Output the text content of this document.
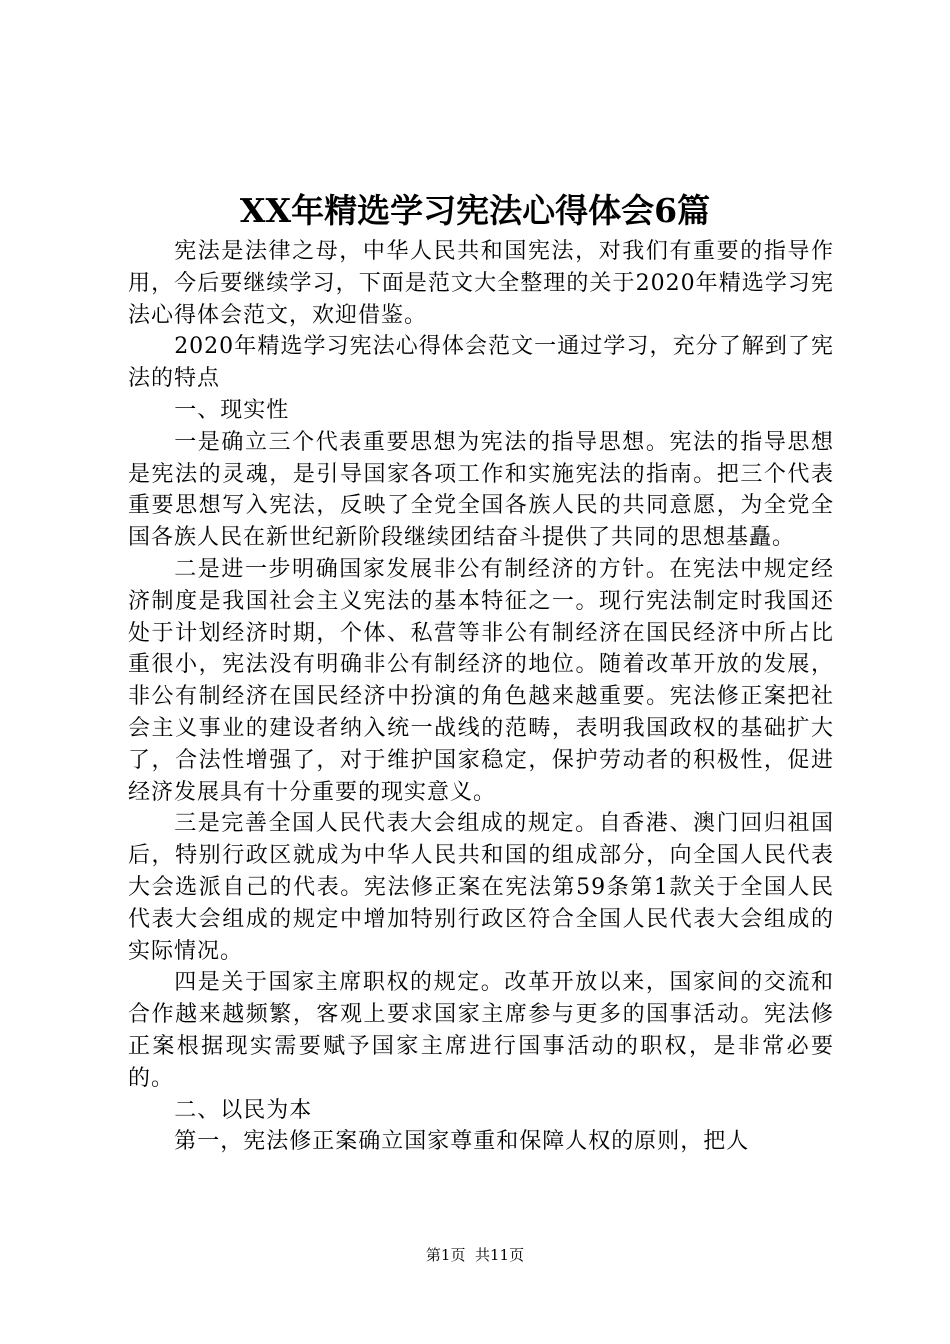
XX年精选学习宪法心得体会6篇

宪法是法律之母，中华人民共和国宪法，对我们有重要的指导作用，今后要继续学习，下面是范文大全整理的关于2020年精选学习宪法心得体会范文，欢迎借鉴。

2020年精选学习宪法心得体会范文一通过学习，充分了解到了宪法的特点

一、现实性

一是确立三个代表重要思想为宪法的指导思想。宪法的指导思想是宪法的灵魂，是引导国家各项工作和实施宪法的指南。把三个代表重要思想写入宪法，反映了全党全国各族人民的共同意愿，为全党全国各族人民在新世纪新阶段继续团结奋斗提供了共同的思想基矗。

二是进一步明确国家发展非公有制经济的方针。在宪法中规定经济制度是我国社会主义宪法的基本特征之一。现行宪法制定时我国还处于计划经济时期，个体、私营等非公有制经济在国民经济中所占比重很小，宪法没有明确非公有制经济的地位。随着改革开放的发展，非公有制经济在国民经济中扮演的角色越来越重要。宪法修正案把社会主义事业的建设者纳入统一战线的范畴，表明我国政权的基础扩大了，合法性增强了，对于维护国家稳定，保护劳动者的积极性，促进经济发展具有十分重要的现实意义。

三是完善全国人民代表大会组成的规定。自香港、澳门回归祖国后，特别行政区就成为中华人民共和国的组成部分，向全国人民代表大会选派自己的代表。宪法修正案在宪法第59条第1款关于全国人民代表大会组成的规定中增加特别行政区符合全国人民代表大会组成的实际情况。

四是关于国家主席职权的规定。改革开放以来，国家间的交流和合作越来越频繁，客观上要求国家主席参与更多的国事活动。宪法修正案根据现实需要赋予国家主席进行国事活动的职权，是非常必要的。

二、以民为本

第一，宪法修正案确立国家尊重和保障人权的原则，把人

第1页 共11页
